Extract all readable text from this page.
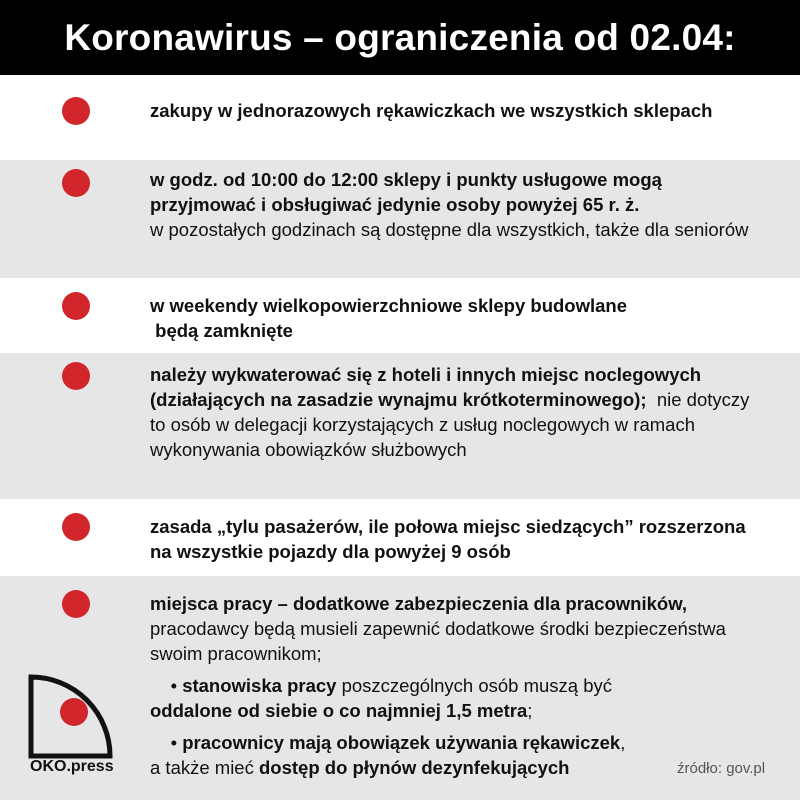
Koronawirus – ograniczenia od 02.04:
zakupy w jednorazowych rękawiczkach we wszystkich sklepach
w godz. od 10:00 do 12:00 sklepy i punkty usługowe mogą przyjmować i obsługiwać jedynie osoby powyżej 65 r. ż.
w pozostałych godzinach są dostępne dla wszystkich, także dla seniorów
w weekendy wielkopowierzchniowe sklepy budowlane
będą zamknięte
należy wykwaterować się z hoteli i innych miejsc noclegowych (działających na zasadzie wynajmu krótkoterminowego); nie dotyczy to osób w delegacji korzystających z usług noclegowych w ramach wykonywania obowiązków służbowych
zasada „tylu pasażerów, ile połowa miejsc siedzących” rozszerzona na wszystkie pojazdy dla powyżej 9 osób
miejsca pracy – dodatkowe zabezpieczenia dla pracowników, pracodawcy będą musieli zapewnić dodatkowe środki bezpieczeństwa swoim pracownikom;
• stanowiska pracy poszczególnych osób muszą być
oddalone od siebie o co najmniej 1,5 metra;
• pracownicy mają obowiązek używania rękawiczek,
a także mieć dostęp do płynów dezynfekujących
OKO.press	źródło: gov.pl
